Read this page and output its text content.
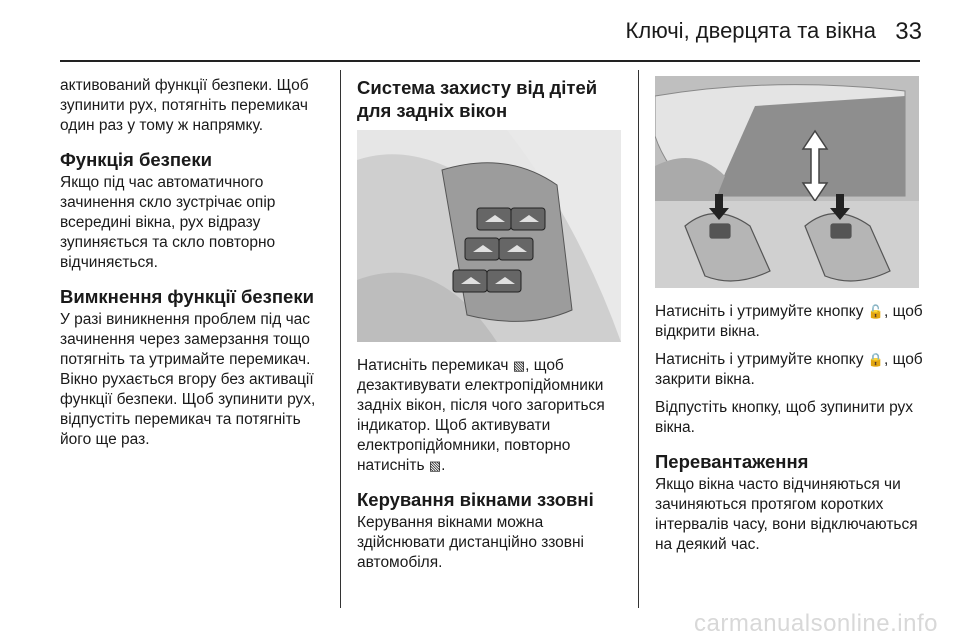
Ключі, дверцята та вікна 33

активований функції безпеки. Щоб зупинити рух, потягніть перемикач один раз у тому ж напрямку.

Функція безпеки

Якщо під час автоматичного зачинення скло зустрічає опір всередині вікна, рух відразу зупиняється та скло повторно відчиняється.

Вимкнення функції безпеки

У разі виникнення проблем під час зачинення через замерзання тощо потягніть та утримайте перемикач. Вікно рухається вгору без активації функції безпеки. Щоб зупинити рух, відпустіть перемикач та потягніть його ще раз.

Система захисту від дітей для задніх вікон

Натисніть перемикач ▧, щоб дезактивувати електропідйомники задніх вікон, після чого загориться індикатор. Щоб активувати електропідйомники, повторно натисніть ▧.

Керування вікнами ззовні

Керування вікнами можна здійснювати дистанційно ззовні автомобіля.

Натисніть і утримуйте кнопку 🔓, щоб відкрити вікна.

Натисніть і утримуйте кнопку 🔒, щоб закрити вікна.

Відпустіть кнопку, щоб зупинити рух вікна.

Перевантаження

Якщо вікна часто відчиняються чи зачиняються протягом коротких інтервалів часу, вони відключаються на деякий час.

carmanualsonline.info
